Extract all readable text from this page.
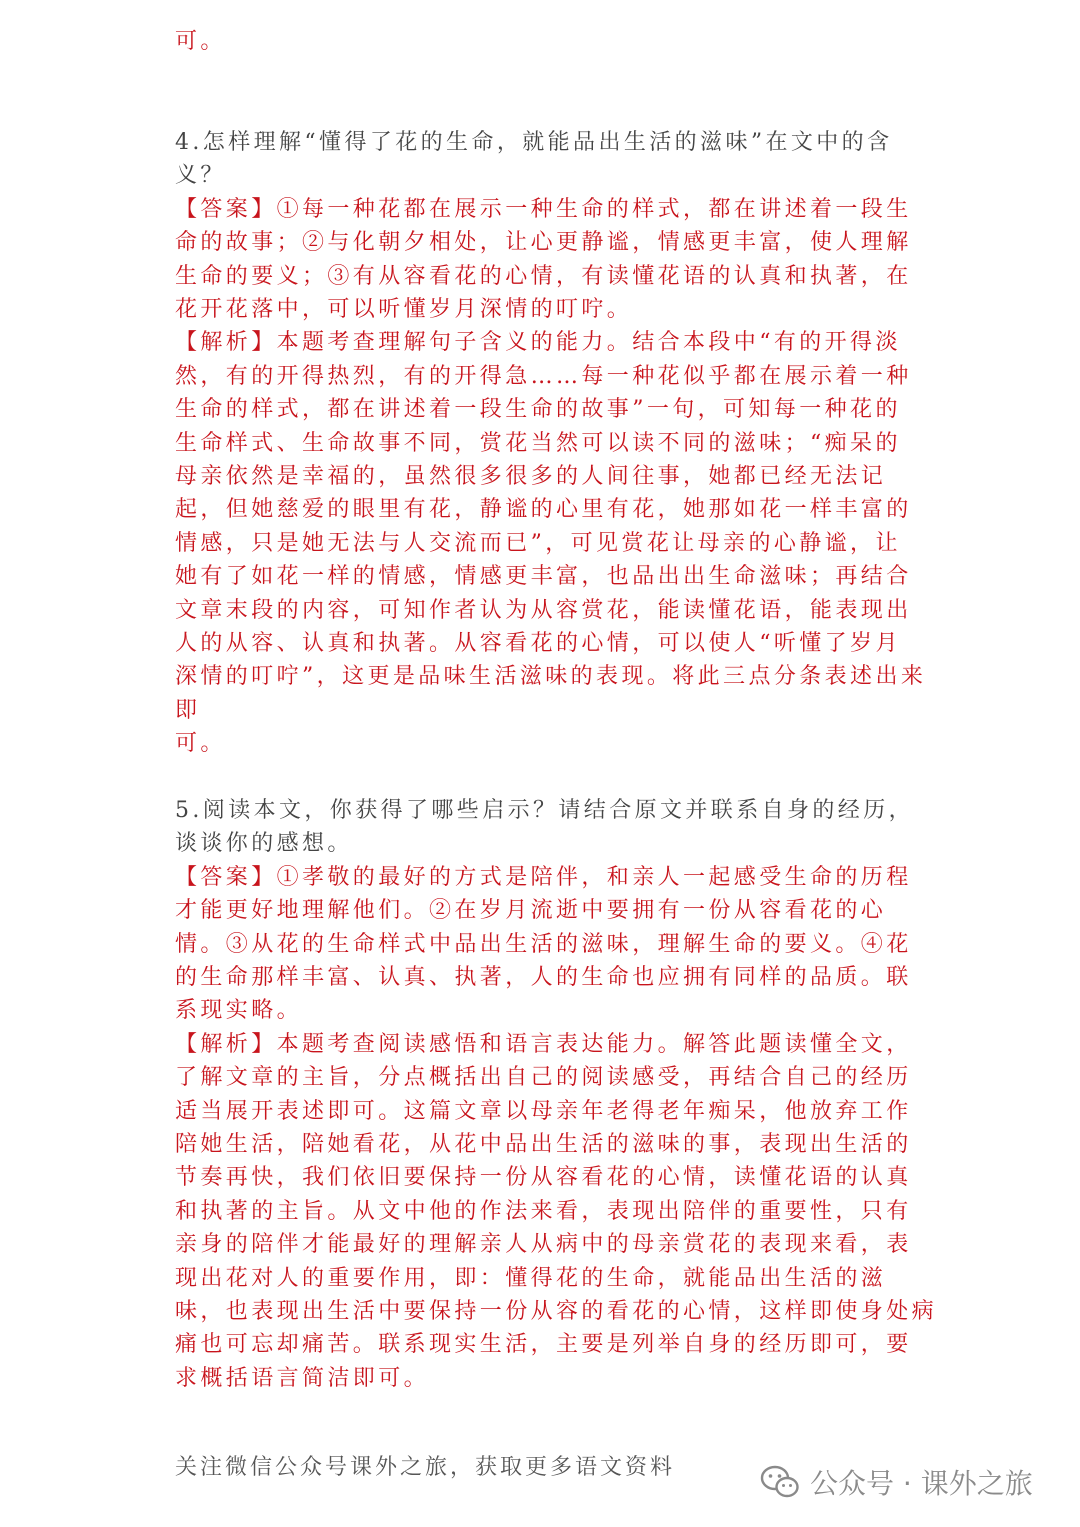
可。
4.怎样理解“懂得了花的生命，就能品出生活的滋味”在文中的含
义？
【答案】①每一种花都在展示一种生命的样式，都在讲述着一段生
命的故事；②与化朝夕相处，让心更静谧，情感更丰富，使人理解
生命的要义；③有从容看花的心情，有读懂花语的认真和执著，在
花开花落中，可以听懂岁月深情的叮咛。
【解析】本题考查理解句子含义的能力。结合本段中“有的开得淡
然，有的开得热烈，有的开得急……每一种花似乎都在展示着一种
生命的样式，都在讲述着一段生命的故事”一句，可知每一种花的
生命样式、生命故事不同，赏花当然可以读不同的滋味；“痴呆的
母亲依然是幸福的，虽然很多很多的人间往事，她都已经无法记
起，但她慈爱的眼里有花，静谧的心里有花，她那如花一样丰富的
情感，只是她无法与人交流而已”，可见赏花让母亲的心静谧，让
她有了如花一样的情感，情感更丰富，也品出出生命滋味；再结合
文章末段的内容，可知作者认为从容赏花，能读懂花语，能表现出
人的从容、认真和执著。从容看花的心情，可以使人“听懂了岁月
深情的叮咛”，这更是品味生活滋味的表现。将此三点分条表述出来
即
可。
5.阅读本文，你获得了哪些启示？请结合原文并联系自身的经历，
谈谈你的感想。
【答案】①孝敬的最好的方式是陪伴，和亲人一起感受生命的历程
才能更好地理解他们。②在岁月流逝中要拥有一份从容看花的心
情。③从花的生命样式中品出生活的滋味，理解生命的要义。④花
的生命那样丰富、认真、执著，人的生命也应拥有同样的品质。联
系现实略。
【解析】本题考查阅读感悟和语言表达能力。解答此题读懂全文，
了解文章的主旨，分点概括出自己的阅读感受，再结合自己的经历
适当展开表述即可。这篇文章以母亲年老得老年痴呆，他放弃工作
陪她生活，陪她看花，从花中品出生活的滋味的事，表现出生活的
节奏再快，我们依旧要保持一份从容看花的心情，读懂花语的认真
和执著的主旨。从文中他的作法来看，表现出陪伴的重要性，只有
亲身的陪伴才能最好的理解亲人从病中的母亲赏花的表现来看，表
现出花对人的重要作用，即：懂得花的生命，就能品出生活的滋
味，也表现出生活中要保持一份从容的看花的心情，这样即使身处病
痛也可忘却痛苦。联系现实生活，主要是列举自身的经历即可，要
求概括语言简洁即可。
关注微信公众号课外之旅，获取更多语文资料	公众号 · 课外之旅
